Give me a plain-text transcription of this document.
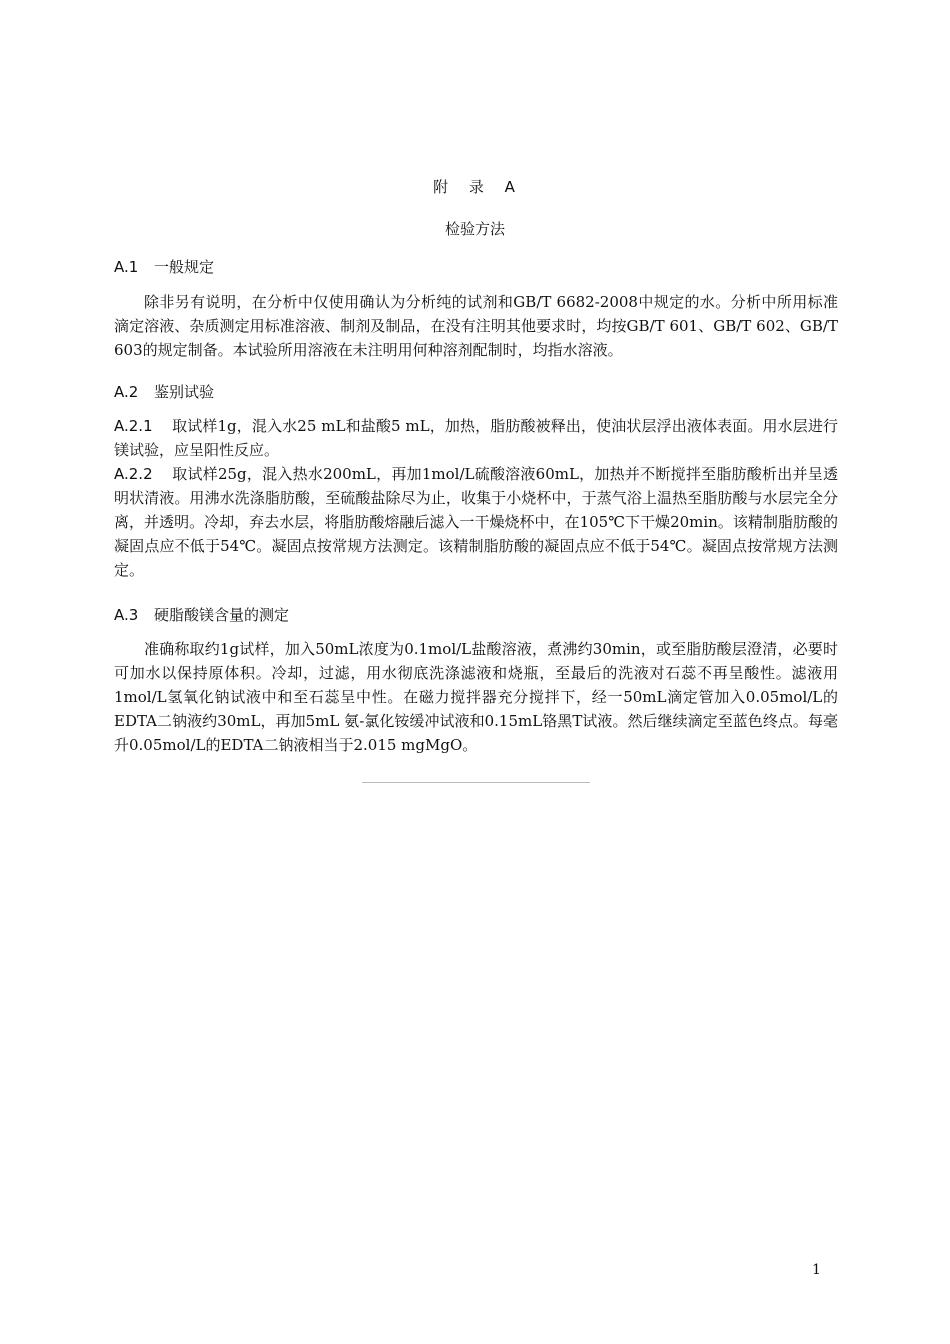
附 录 A
检验方法
A.1 一般规定
除非另有说明，在分析中仅使用确认为分析纯的试剂和GB/T 6682-2008中规定的水。分析中所用标准滴定溶液、杂质测定用标准溶液、制剂及制品，在没有注明其他要求时，均按GB/T 601、GB/T 602、GB/T 603的规定制备。本试验所用溶液在未注明用何种溶剂配制时，均指水溶液。
A.2 鉴别试验
A.2.1 取试样1g，混入水25 mL和盐酸5 mL，加热，脂肪酸被释出，使油状层浮出液体表面。用水层进行镁试验，应呈阳性反应。
A.2.2 取试样25g，混入热水200mL，再加1mol/L硫酸溶液60mL，加热并不断搅拌至脂肪酸析出并呈透明状清液。用沸水洗涤脂肪酸，至硫酸盐除尽为止，收集于小烧杯中，于蒸气浴上温热至脂肪酸与水层完全分离，并透明。冷却，弃去水层，将脂肪酸熔融后滤入一干燥烧杯中，在105℃下干燥20min。该精制脂肪酸的凝固点应不低于54℃。凝固点按常规方法测定。该精制脂肪酸的凝固点应不低于54℃。凝固点按常规方法测定。
A.3 硬脂酸镁含量的测定
准确称取约1g试样，加入50mL浓度为0.1mol/L盐酸溶液，煮沸约30min，或至脂肪酸层澄清，必要时可加水以保持原体积。冷却，过滤，用水彻底洗涤滤液和烧瓶，至最后的洗液对石蕊不再呈酸性。滤液用1mol/L氢氧化钠试液中和至石蕊呈中性。在磁力搅拌器充分搅拌下，经一50mL滴定管加入0.05mol/L的EDTA二钠液约30mL，再加5mL 氨-氯化铵缓冲试液和0.15mL铬黑T试液。然后继续滴定至蓝色终点。每毫升0.05mol/L的EDTA二钠液相当于2.015 mgMgO。
1
